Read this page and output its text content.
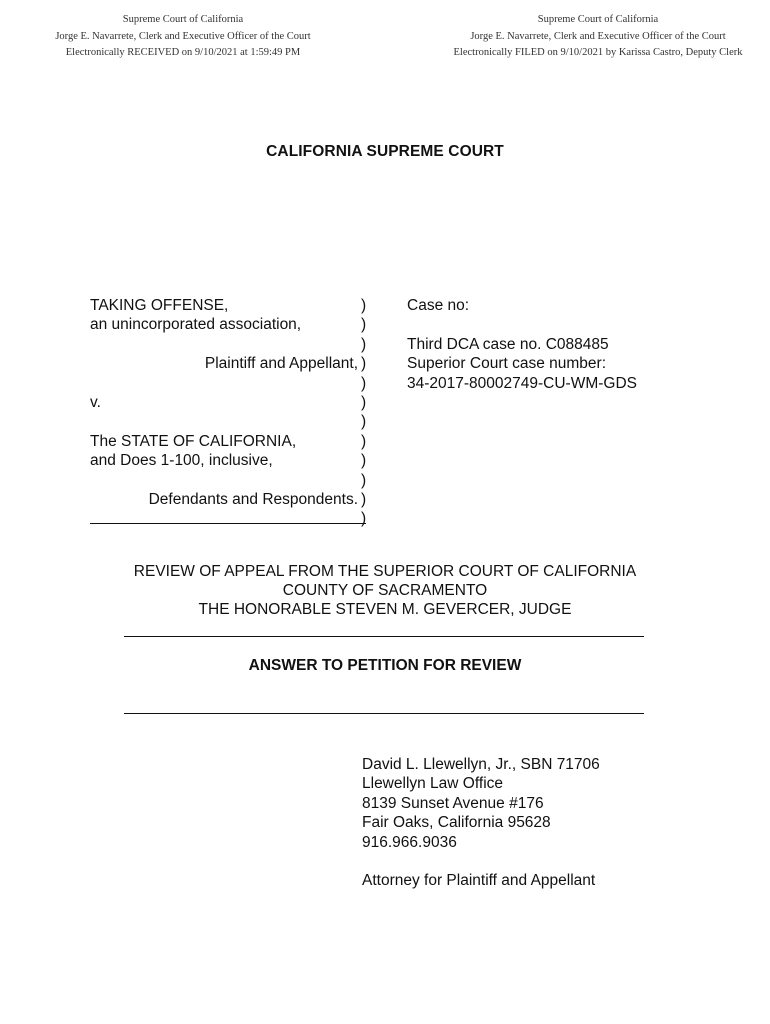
Supreme Court of California
Jorge E. Navarrete, Clerk and Executive Officer of the Court
Electronically RECEIVED on 9/10/2021 at 1:59:49 PM
Supreme Court of California
Jorge E. Navarrete, Clerk and Executive Officer of the Court
Electronically FILED on 9/10/2021 by Karissa Castro, Deputy Clerk
CALIFORNIA SUPREME COURT
TAKING OFFENSE,
an unincorporated association,
Plaintiff and Appellant,
v.
The STATE OF CALIFORNIA,
and Does 1-100, inclusive,
Defendants and Respondents.
)
)
)
)
)
)
)
)
)
)
)
)
Case no:
Third DCA case no. C088485
Superior Court case number:
34-2017-80002749-CU-WM-GDS
REVIEW OF APPEAL FROM THE SUPERIOR COURT OF CALIFORNIA
COUNTY OF SACRAMENTO
THE HONORABLE STEVEN M. GEVERCER, JUDGE
ANSWER TO PETITION FOR REVIEW
David L. Llewellyn, Jr., SBN 71706
Llewellyn Law Office
8139 Sunset Avenue #176
Fair Oaks, California 95628
916.966.9036
Attorney for Plaintiff and Appellant
